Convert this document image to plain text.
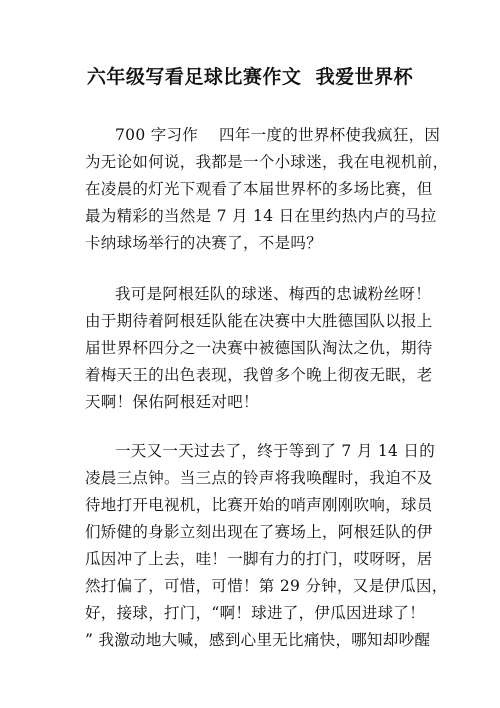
六年级写看足球比赛作文  我爱世界杯
700 字习作    四年一度的世界杯使我疯狂，因
为无论如何说，我都是一个小球迷，我在电视机前，
在凌晨的灯光下观看了本届世界杯的多场比赛，但
最为精彩的当然是 7 月 14 日在里约热内卢的马拉
卡纳球场举行的决赛了，不是吗？
我可是阿根廷队的球迷、梅西的忠诚粉丝呀！
由于期待着阿根廷队能在决赛中大胜德国队以报上
届世界杯四分之一决赛中被德国队淘汰之仇，期待
着梅天王的出色表现，我曾多个晚上彻夜无眠，老
天啊！保佑阿根廷对吧！
一天又一天过去了，终于等到了 7 月 14 日的
凌晨三点钟。当三点的铃声将我唤醒时，我迫不及
待地打开电视机，比赛开始的哨声刚刚吹响，球员
们矫健的身影立刻出现在了赛场上，阿根廷队的伊
瓜因冲了上去，哇！一脚有力的打门，哎呀呀，居
然打偏了，可惜，可惜！第 29 分钟，又是伊瓜因，
好，接球，打门，“啊！球进了，伊瓜因进球了！
” 我激动地大喊，感到心里无比痛快，哪知却吵醒
